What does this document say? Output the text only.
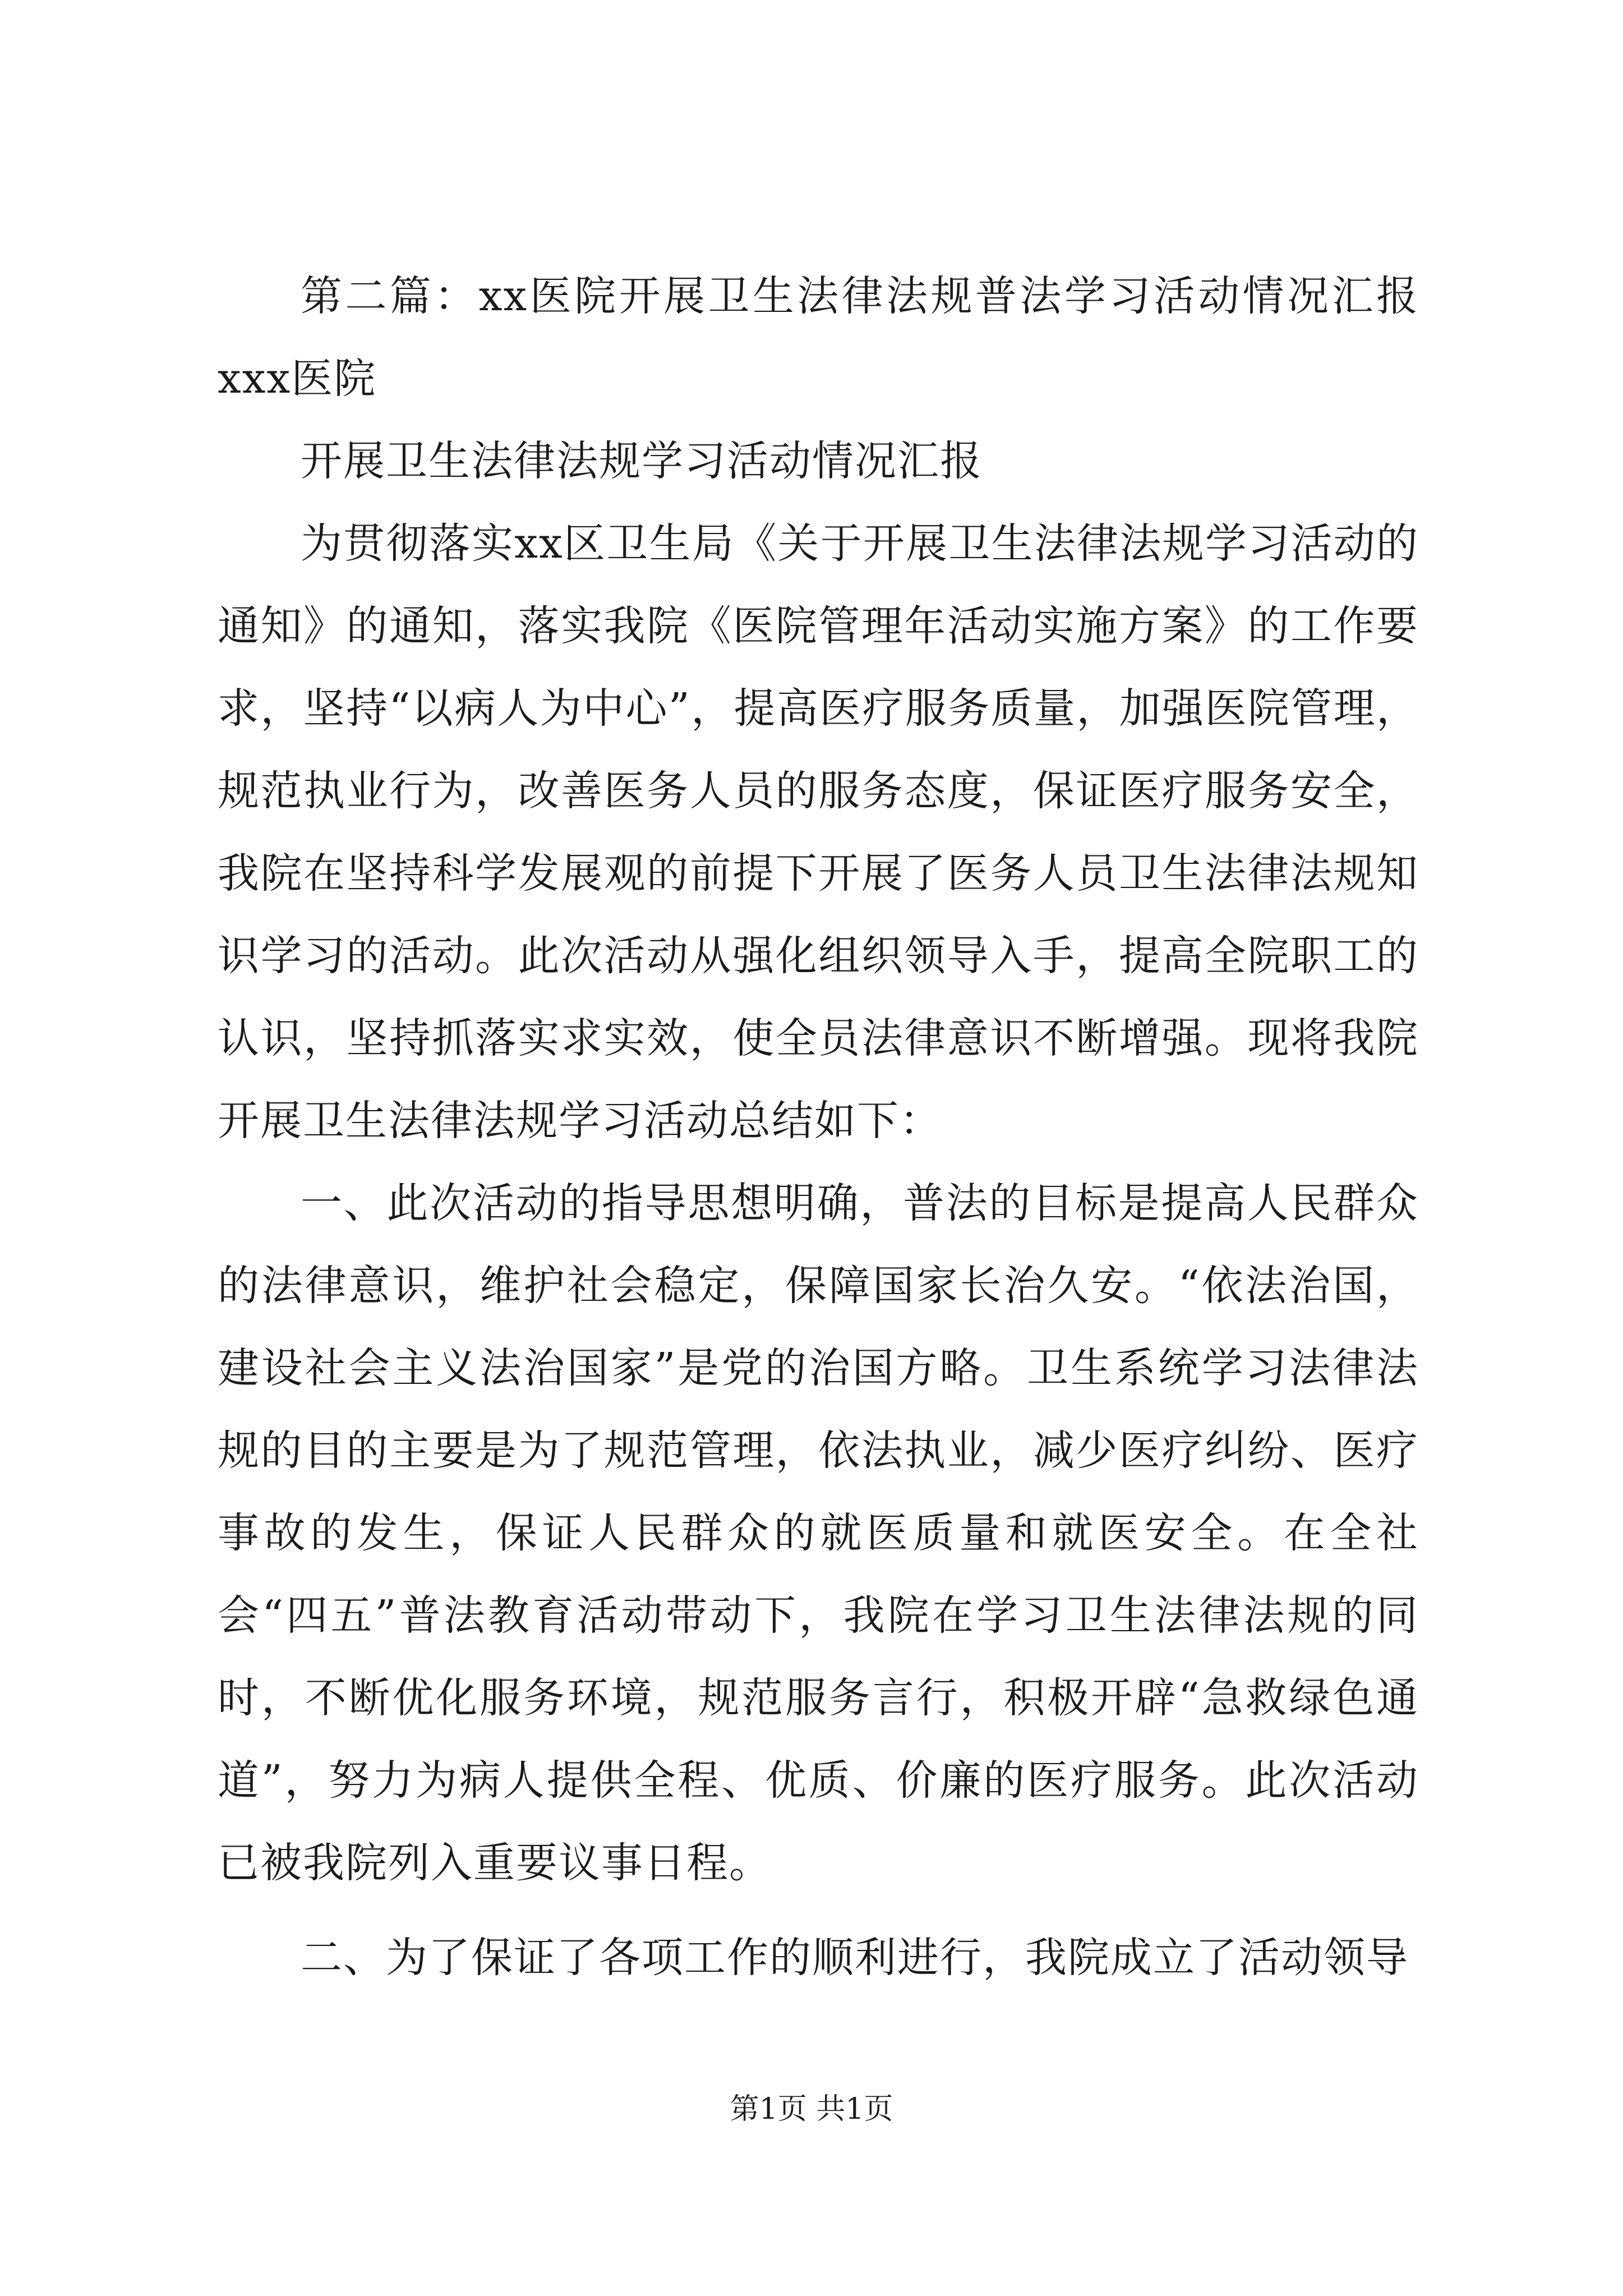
第二篇：xx医院开展卫生法律法规普法学习活动情况汇报xxx医院

开展卫生法律法规学习活动情况汇报

为贯彻落实xx区卫生局《关于开展卫生法律法规学习活动的通知》的通知，落实我院《医院管理年活动实施方案》的工作要求，坚持“以病人为中心”，提高医疗服务质量，加强医院管理，规范执业行为，改善医务人员的服务态度，保证医疗服务安全，我院在坚持科学发展观的前提下开展了医务人员卫生法律法规知识学习的活动。此次活动从强化组织领导入手，提高全院职工的认识，坚持抓落实求实效，使全员法律意识不断增强。现将我院开展卫生法律法规学习活动总结如下：

一、此次活动的指导思想明确，普法的目标是提高人民群众的法律意识，维护社会稳定，保障国家长治久安。“依法治国，建设社会主义法治国家”是党的治国方略。卫生系统学习法律法规的目的主要是为了规范管理，依法执业，减少医疗纠纷、医疗事故的发生，保证人民群众的就医质量和就医安全。在全社会“四五”普法教育活动带动下，我院在学习卫生法律法规的同时，不断优化服务环境，规范服务言行，积极开辟“急救绿色通道”，努力为病人提供全程、优质、价廉的医疗服务。此次活动已被我院列入重要议事日程。

二、为了保证了各项工作的顺利进行，我院成立了活动领导

第1页 共1页
